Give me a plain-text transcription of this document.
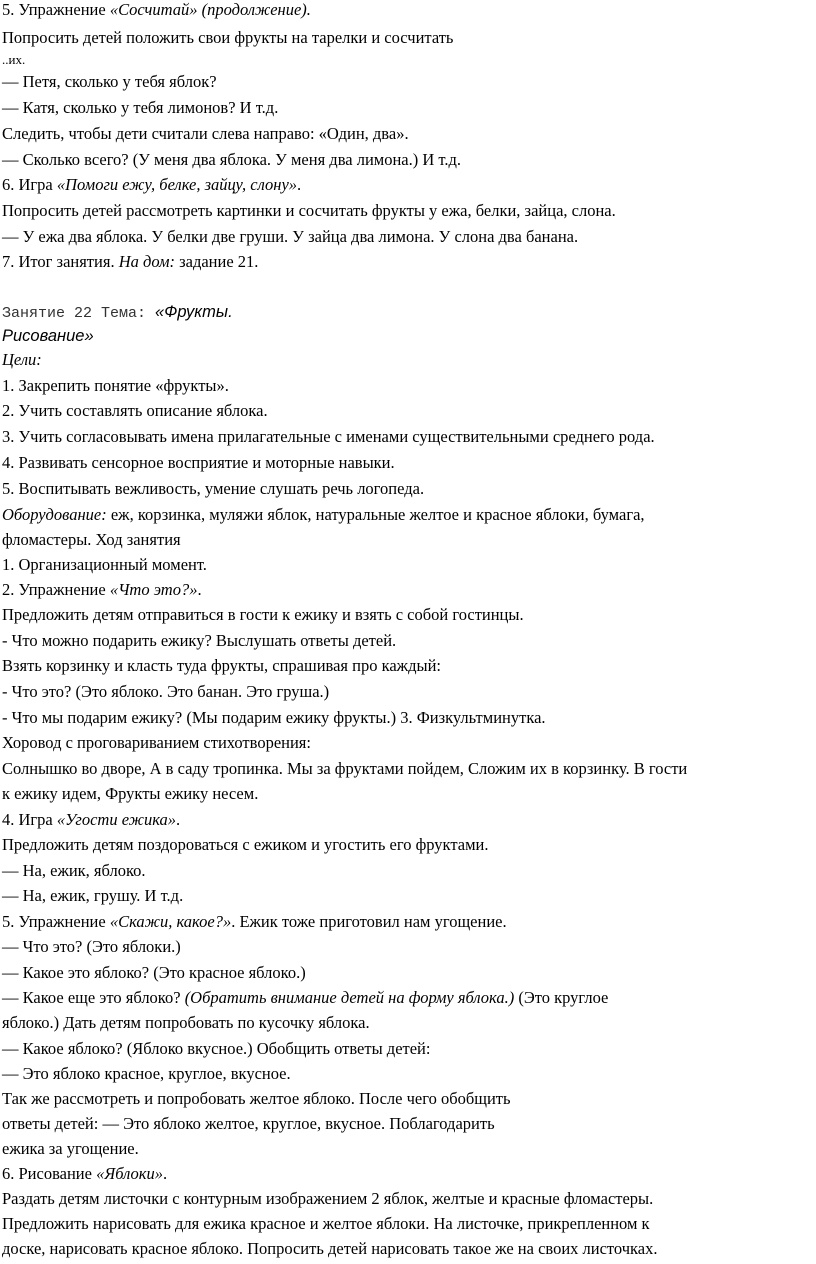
5. Упражнение «Сосчитай» (продолжение).
Попросить детей положить свои фрукты на тарелки и сосчитать
..их.
— Петя, сколько у тебя яблок?
— Катя, сколько у тебя лимонов? И т.д.
Следить, чтобы дети считали слева направо: «Один, два».
— Сколько всего? (У меня два яблока. У меня два лимона.) И т.д.
6. Игра «Помоги ежу, белке, зайцу, слону».
Попросить детей рассмотреть картинки и сосчитать фрукты у ежа, белки, зайца, слона.
— У ежа два яблока. У белки две груши. У зайца два лимона. У слона два банана.
7. Итог занятия. На дом: задание 21.
Занятие 22 Тема: «Фрукты.
Рисование»
Цели:
1. Закрепить понятие «фрукты».
2. Учить составлять описание яблока.
3. Учить согласовывать имена прилагательные с именами существительными среднего рода.
4. Развивать сенсорное восприятие и моторные навыки.
5. Воспитывать вежливость, умение слушать речь логопеда.
Оборудование: еж, корзинка, муляжи яблок, натуральные желтое и красное яблоки, бумага,
фломастеры. Ход занятия
1. Организационный момент.
2. Упражнение «Что это?».
Предложить детям отправиться в гости к ежику и взять с собой гостинцы.
- Что можно подарить ежику? Выслушать ответы детей.
Взять корзинку и класть туда фрукты, спрашивая про каждый:
- Что это? (Это яблоко. Это банан. Это груша.)
- Что мы подарим ежику? (Мы подарим ежику фрукты.) 3. Физкультминутка.
Хоровод с проговариванием стихотворения:
Солнышко во дворе, А в саду тропинка. Мы за фруктами пойдем, Сложим их в корзинку. В гости
к ежику идем, Фрукты ежику несем.
4. Игра «Угости ежика».
Предложить детям поздороваться с ежиком и угостить его фруктами.
— На, ежик, яблоко.
— На, ежик, грушу. И т.д.
5. Упражнение «Скажи, какое?». Ежик тоже приготовил нам угощение.
— Что это? (Это яблоки.)
— Какое это яблоко? (Это красное яблоко.)
— Какое еще это яблоко? (Обратить внимание детей на форму яблока.) (Это круглое
яблоко.) Дать детям попробовать по кусочку яблока.
— Какое яблоко? (Яблоко вкусное.) Обобщить ответы детей:
— Это яблоко красное, круглое, вкусное.
Так же рассмотреть и попробовать желтое яблоко. После чего обобщить
ответы детей: — Это яблоко желтое, круглое, вкусное. Поблагодарить
ежика за угощение.
6. Рисование «Яблоки».
Раздать детям листочки с контурным изображением 2 яблок, желтые и красные фломастеры.
Предложить нарисовать для ежика красное и желтое яблоки. На листочке, прикрепленном к
доске, нарисовать красное яблоко. Попросить детей нарисовать такое же на своих листочках.
